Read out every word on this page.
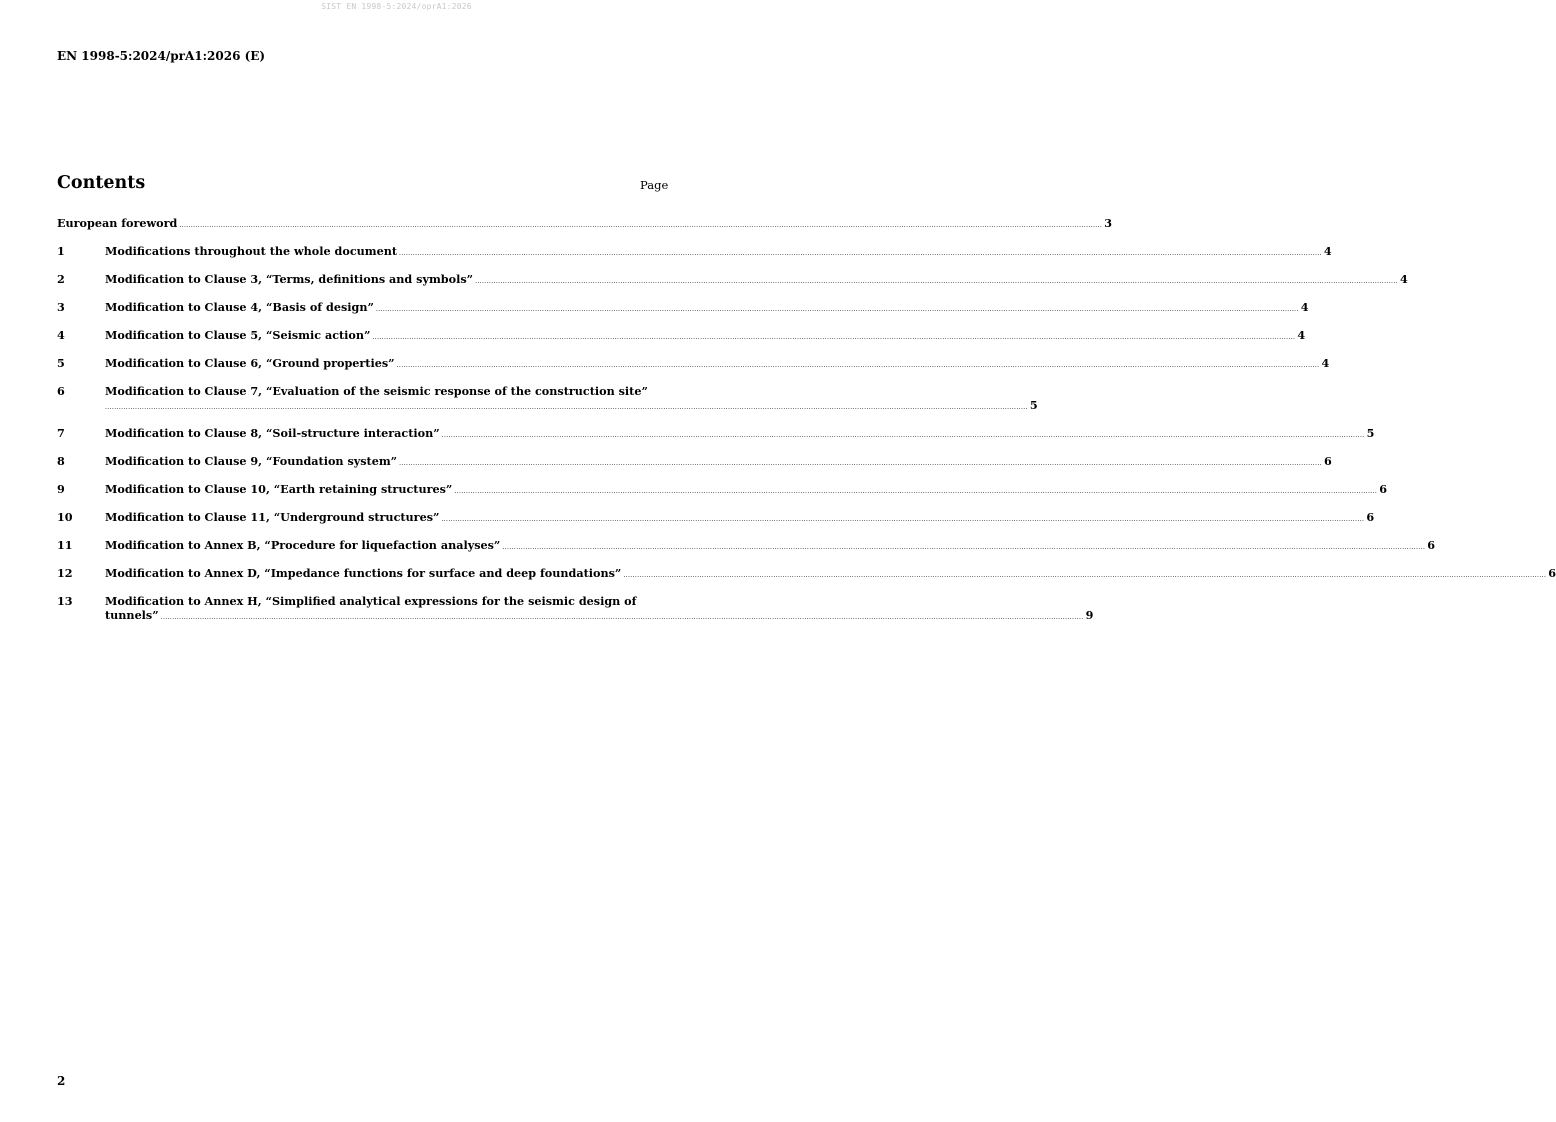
SIST EN 1998-5:2024/oprA1:2026
EN 1998-5:2024/prA1:2026 (E)
Contents	Page
European foreword ................................................................................................................................................................................................................................................................................................................................................................................................................ 3
1	Modifications throughout the whole document ................................................................................................................................................................................................................................................................................................................................................................................................................ 4
2	Modification to Clause 3, “Terms, definitions and symbols” ................................................................................................................................................................................................................................................................................................................................................................................................................ 4
3	Modification to Clause 4, “Basis of design” ................................................................................................................................................................................................................................................................................................................................................................................................................ 4
4	Modification to Clause 5, “Seismic action” ................................................................................................................................................................................................................................................................................................................................................................................................................ 4
5	Modification to Clause 6, “Ground properties” ................................................................................................................................................................................................................................................................................................................................................................................................................ 4
6	Modification to Clause 7, “Evaluation of the seismic response of the construction site”
................................................................................................................................................................................................................................................................................................................................................................................................................ 5
7	Modification to Clause 8, “Soil-structure interaction” ................................................................................................................................................................................................................................................................................................................................................................................................................ 5
8	Modification to Clause 9, “Foundation system” ................................................................................................................................................................................................................................................................................................................................................................................................................ 6
9	Modification to Clause 10, “Earth retaining structures” ................................................................................................................................................................................................................................................................................................................................................................................................................ 6
10	Modification to Clause 11, “Underground structures” ................................................................................................................................................................................................................................................................................................................................................................................................................ 6
11	Modification to Annex B, “Procedure for liquefaction analyses” ................................................................................................................................................................................................................................................................................................................................................................................................................ 6
12	Modification to Annex D, “Impedance functions for surface and deep foundations” ................................................................................................................................................................................................................................................................................................................................................................................................................ 6
13	Modification to Annex H, “Simplified analytical expressions for the seismic design of
tunnels” ................................................................................................................................................................................................................................................................................................................................................................................................................ 9
2
